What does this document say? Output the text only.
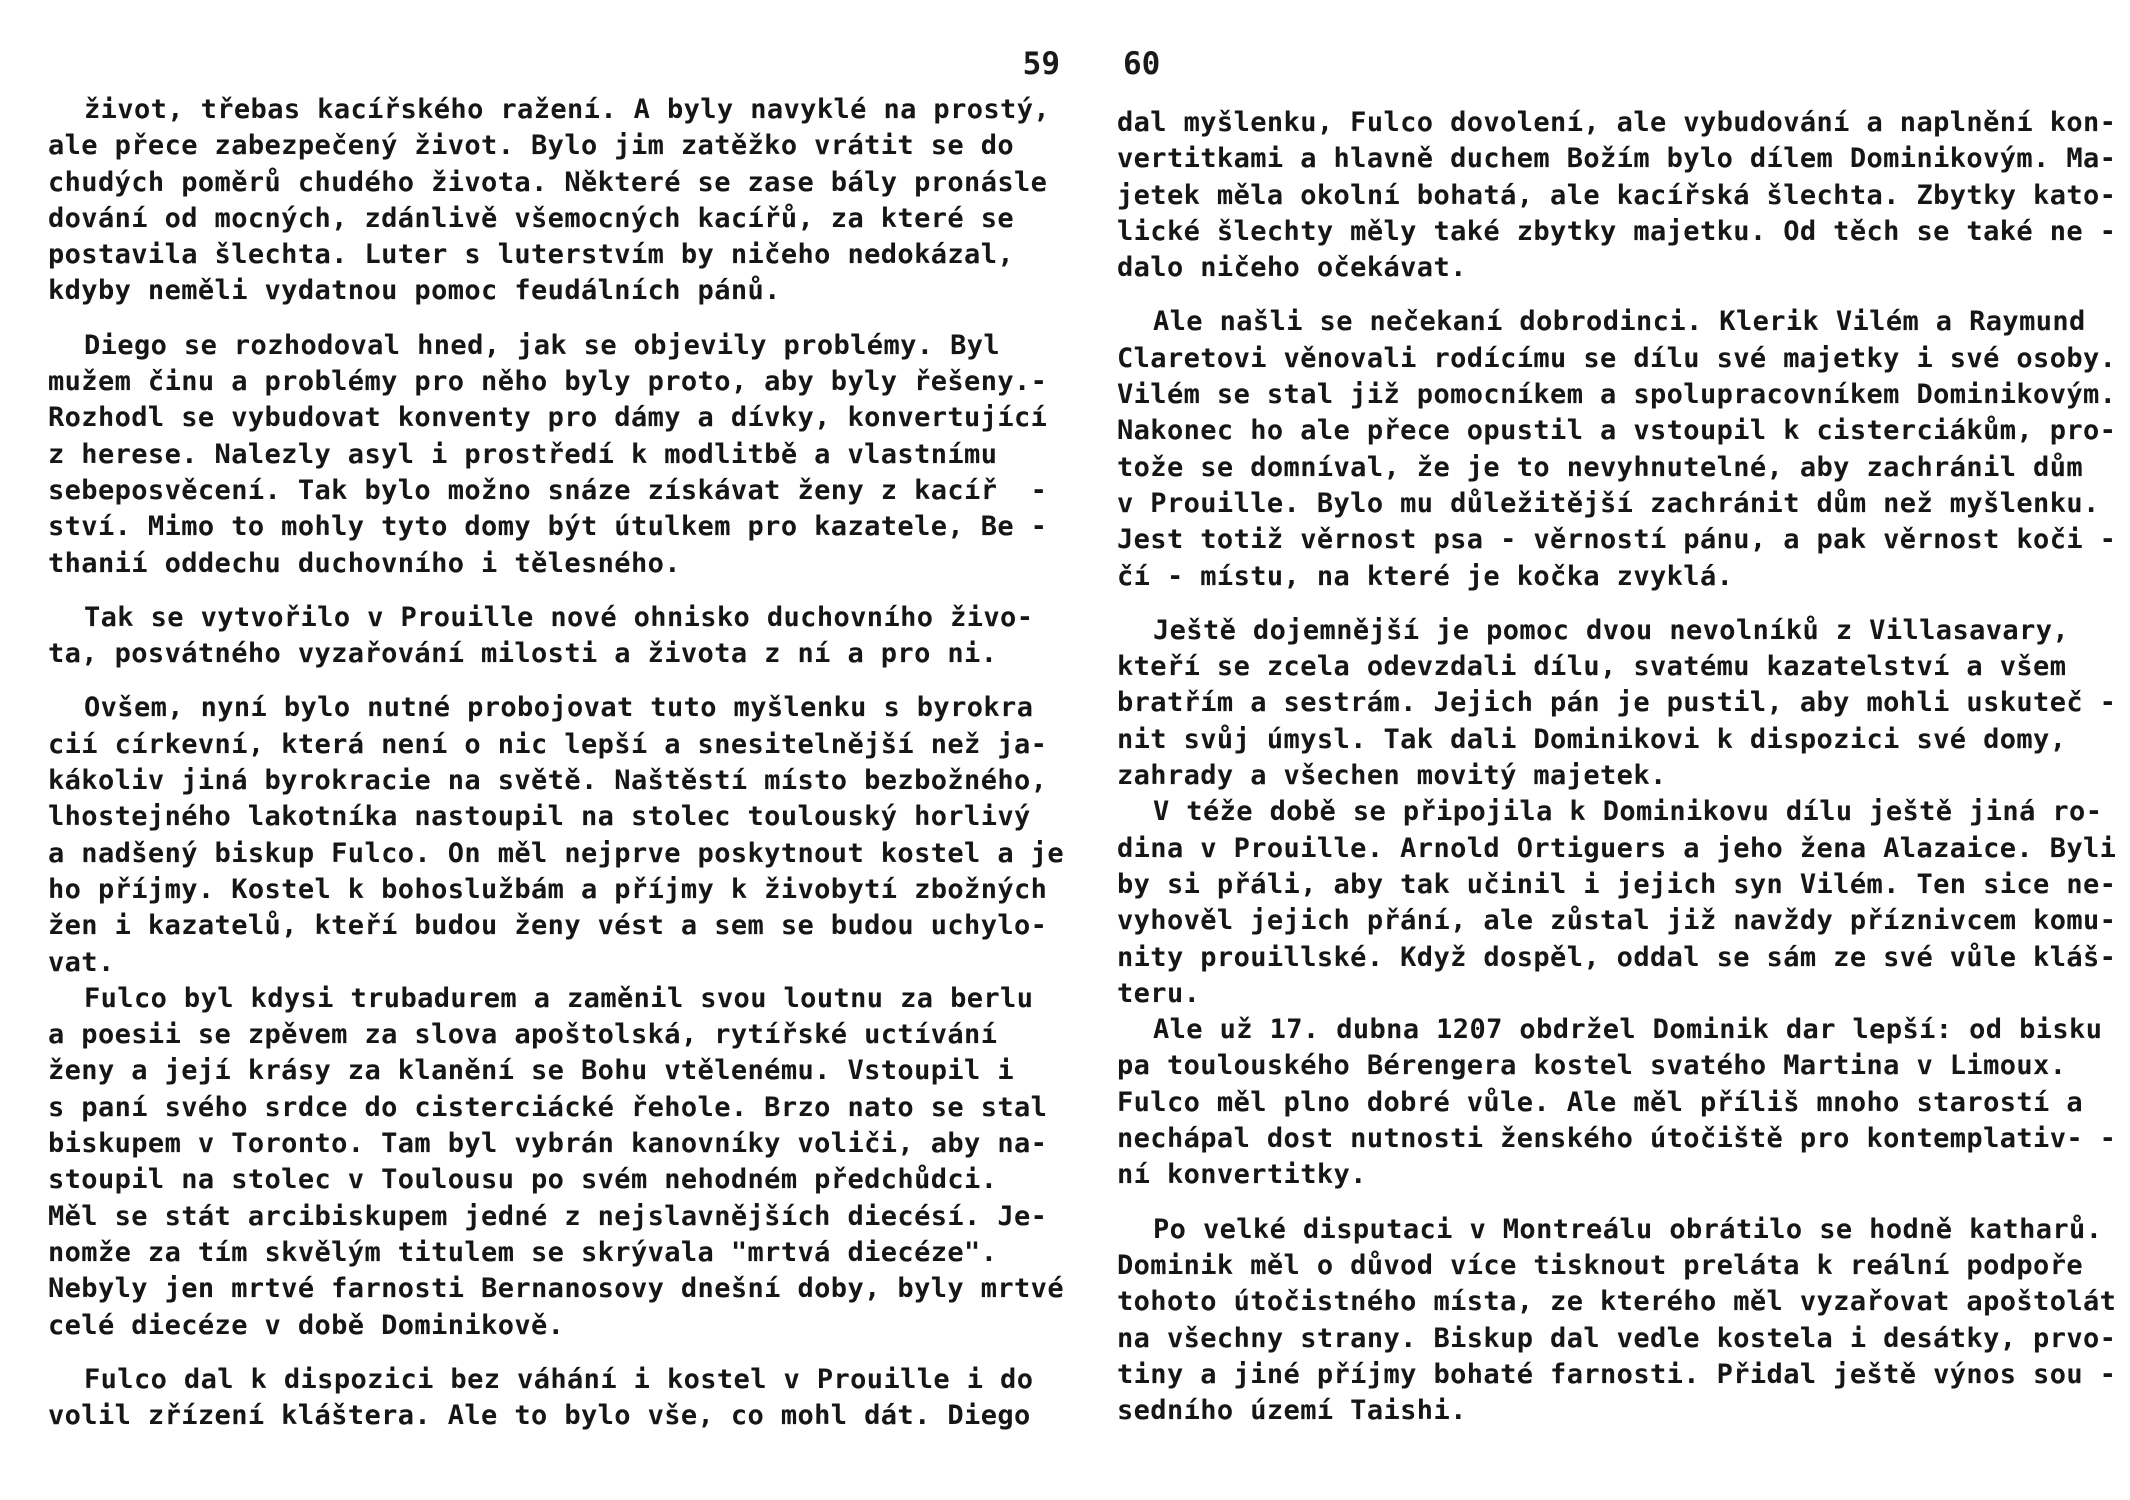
59
život, třebas kacířského ražení. A byly navyklé na prostý,
ale přece zabezpečený život. Bylo jim zatěžko vrátit se do
chudých poměrů chudého života. Některé se zase bály pronásle
dování od mocných, zdánlivě všemocných kacířů, za které se
postavila šlechta. Luter s luterstvím by ničeho nedokázal,
kdyby neměli vydatnou pomoc feudálních pánů.
Diego se rozhodoval hned, jak se objevily problémy. Byl
mužem činu a problémy pro něho byly proto, aby byly řešeny.-
Rozhodl se vybudovat konventy pro dámy a dívky, konvertující
z herese. Nalezly asyl i prostředí k modlitbě a vlastnímu
sebeposvěcení. Tak bylo možno snáze získávat ženy z kacíř  -
ství. Mimo to mohly tyto domy být útulkem pro kazatele, Be -
thanií oddechu duchovního i tělesného.
Tak se vytvořilo v Prouille nové ohnisko duchovního živo-
ta, posvátného vyzařování milosti a života z ní a pro ni.
Ovšem, nyní bylo nutné probojovat tuto myšlenku s byrokra
cií církevní, která není o nic lepší a snesitelnější než ja-
kákoliv jiná byrokracie na světě. Naštěstí místo bezbožného,
lhostejného lakotníka nastoupil na stolec toulouský horlivý
a nadšený biskup Fulco. On měl nejprve poskytnout kostel a je
ho příjmy. Kostel k bohoslužbám a příjmy k živobytí zbožných
žen i kazatelů, kteří budou ženy vést a sem se budou uchylo-
vat.
Fulco byl kdysi trubadurem a zaměnil svou loutnu za berlu
a poesii se zpěvem za slova apoštolská, rytířské uctívání
ženy a její krásy za klanění se Bohu vtělenému. Vstoupil i
s paní svého srdce do cisterciácké řehole. Brzo nato se stal
biskupem v Toronto. Tam byl vybrán kanovníky voliči, aby na-
stoupil na stolec v Toulousu po svém nehodném předchůdci.
Měl se stát arcibiskupem jedné z nejslavnějších diecésí. Je-
nomže za tím skvělým titulem se skrývala "mrtvá diecéze".
Nebyly jen mrtvé farnosti Bernanosovy dnešní doby, byly mrtvé
celé diecéze v době Dominikově.
Fulco dal k dispozici bez váhání i kostel v Prouille i do
volil zřízení kláštera. Ale to bylo vše, co mohl dát. Diego
60
dal myšlenku, Fulco dovolení, ale vybudování a naplnění kon-
vertitkami a hlavně duchem Božím bylo dílem Dominikovým. Ma-
jetek měla okolní bohatá, ale kacířská šlechta. Zbytky kato-
lické šlechty měly také zbytky majetku. Od těch se také ne -
dalo ničeho očekávat.
Ale našli se nečekaní dobrodinci. Klerik Vilém a Raymund
Claretovi věnovali rodícímu se dílu své majetky i své osoby.
Vilém se stal již pomocníkem a spolupracovníkem Dominikovým.
Nakonec ho ale přece opustil a vstoupil k cisterciákům, pro-
tože se domníval, že je to nevyhnutelné, aby zachránil dům
v Prouille. Bylo mu důležitější zachránit dům než myšlenku.
Jest totiž věrnost psa - věrností pánu, a pak věrnost koči -
čí - místu, na které je kočka zvyklá.
Ještě dojemnější je pomoc dvou nevolníků z Villasavary,
kteří se zcela odevzdali dílu, svatému kazatelství a všem
bratřím a sestrám. Jejich pán je pustil, aby mohli uskuteč -
nit svůj úmysl. Tak dali Dominikovi k dispozici své domy,
zahrady a všechen movitý majetek.
V téže době se připojila k Dominikovu dílu ještě jiná ro-
dina v Prouille. Arnold Ortiguers a jeho žena Alazaice. Byli
by si přáli, aby tak učinil i jejich syn Vilém. Ten sice ne-
vyhověl jejich přání, ale zůstal již navždy příznivcem komu-
nity prouillské. Když dospěl, oddal se sám ze své vůle kláš-
teru.
Ale už 17. dubna 1207 obdržel Dominik dar lepší: od bisku
pa toulouského Bérengera kostel svatého Martina v Limoux.
Fulco měl plno dobré vůle. Ale měl příliš mnoho starostí a
nechápal dost nutnosti ženského útočiště pro kontemplativ- -
ní konvertitky.
Po velké disputaci v Montreálu obrátilo se hodně katharů.
Dominik měl o důvod více tisknout preláta k reální podpoře
tohoto útočistného místa, ze kterého měl vyzařovat apoštolát
na všechny strany. Biskup dal vedle kostela i desátky, prvo-
tiny a jiné příjmy bohaté farnosti. Přidal ještě výnos sou -
sedního území Taishi.
